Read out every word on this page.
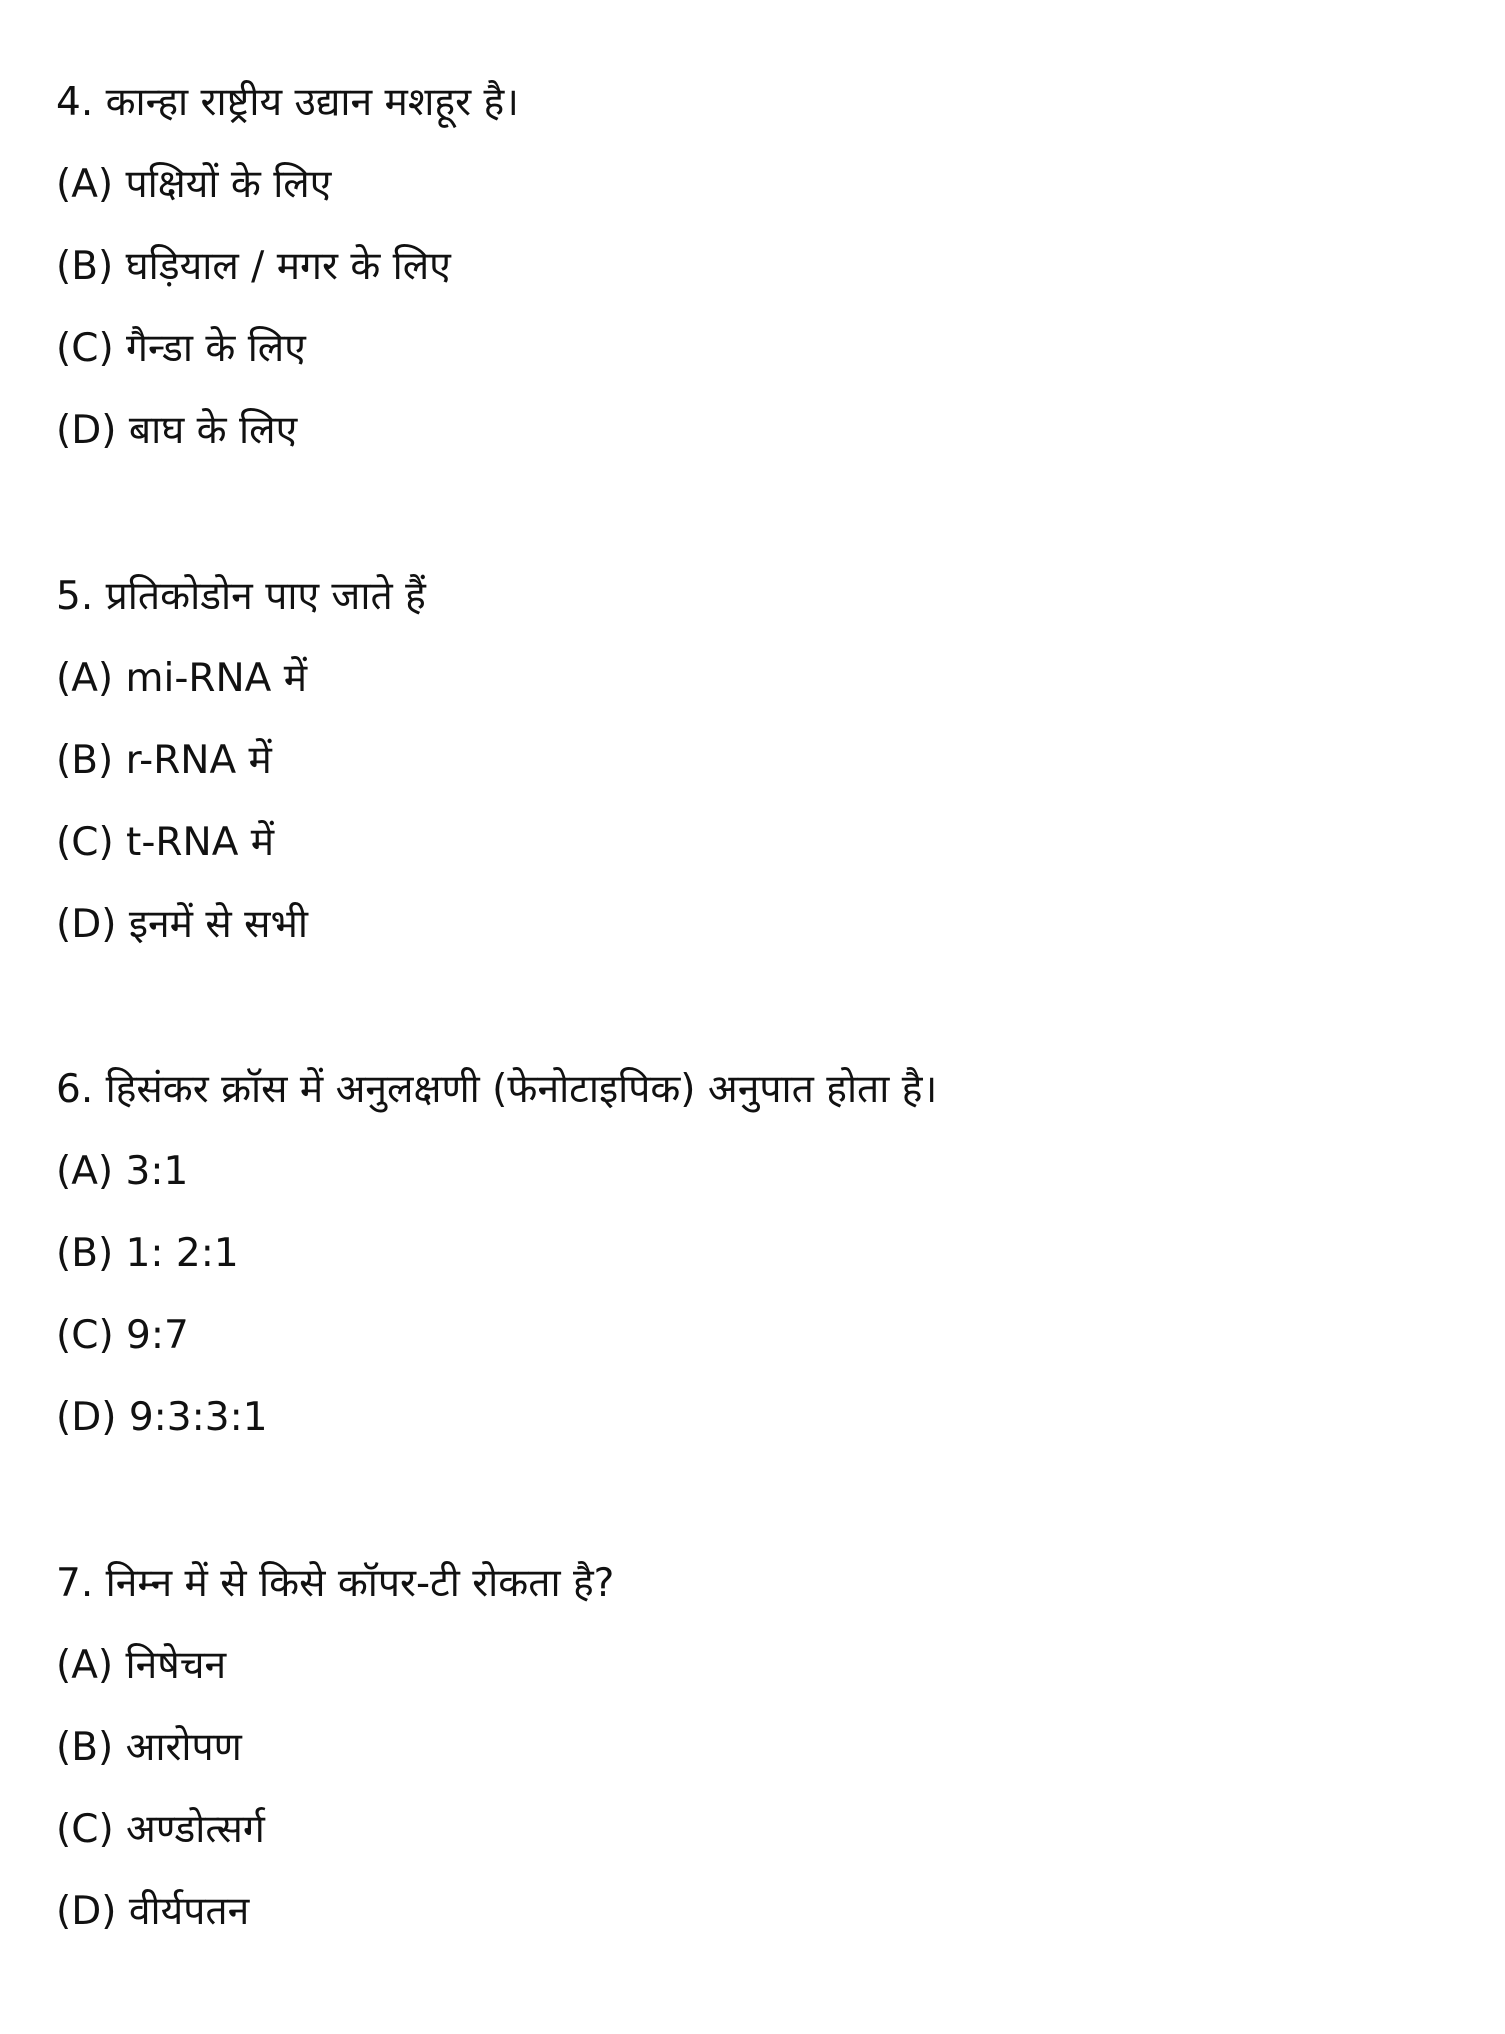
4. कान्हा राष्ट्रीय उद्यान मशहूर है।
(A) पक्षियों के लिए
(B) घड़ियाल / मगर के लिए
(C) गैन्डा के लिए
(D) बाघ के लिए
5. प्रतिकोडोन पाए जाते हैं
(A) mi-RNA में
(B) r-RNA में
(C) t-RNA में
(D) इनमें से सभी
6. हिसंकर क्रॉस में अनुलक्षणी (फेनोटाइपिक) अनुपात होता है।
(A) 3:1
(B) 1: 2:1
(C) 9:7
(D) 9:3:3:1
7. निम्न में से किसे कॉपर-टी रोकता है?
(A) निषेचन
(B) आरोपण
(C) अण्डोत्सर्ग
(D) वीर्यपतन
